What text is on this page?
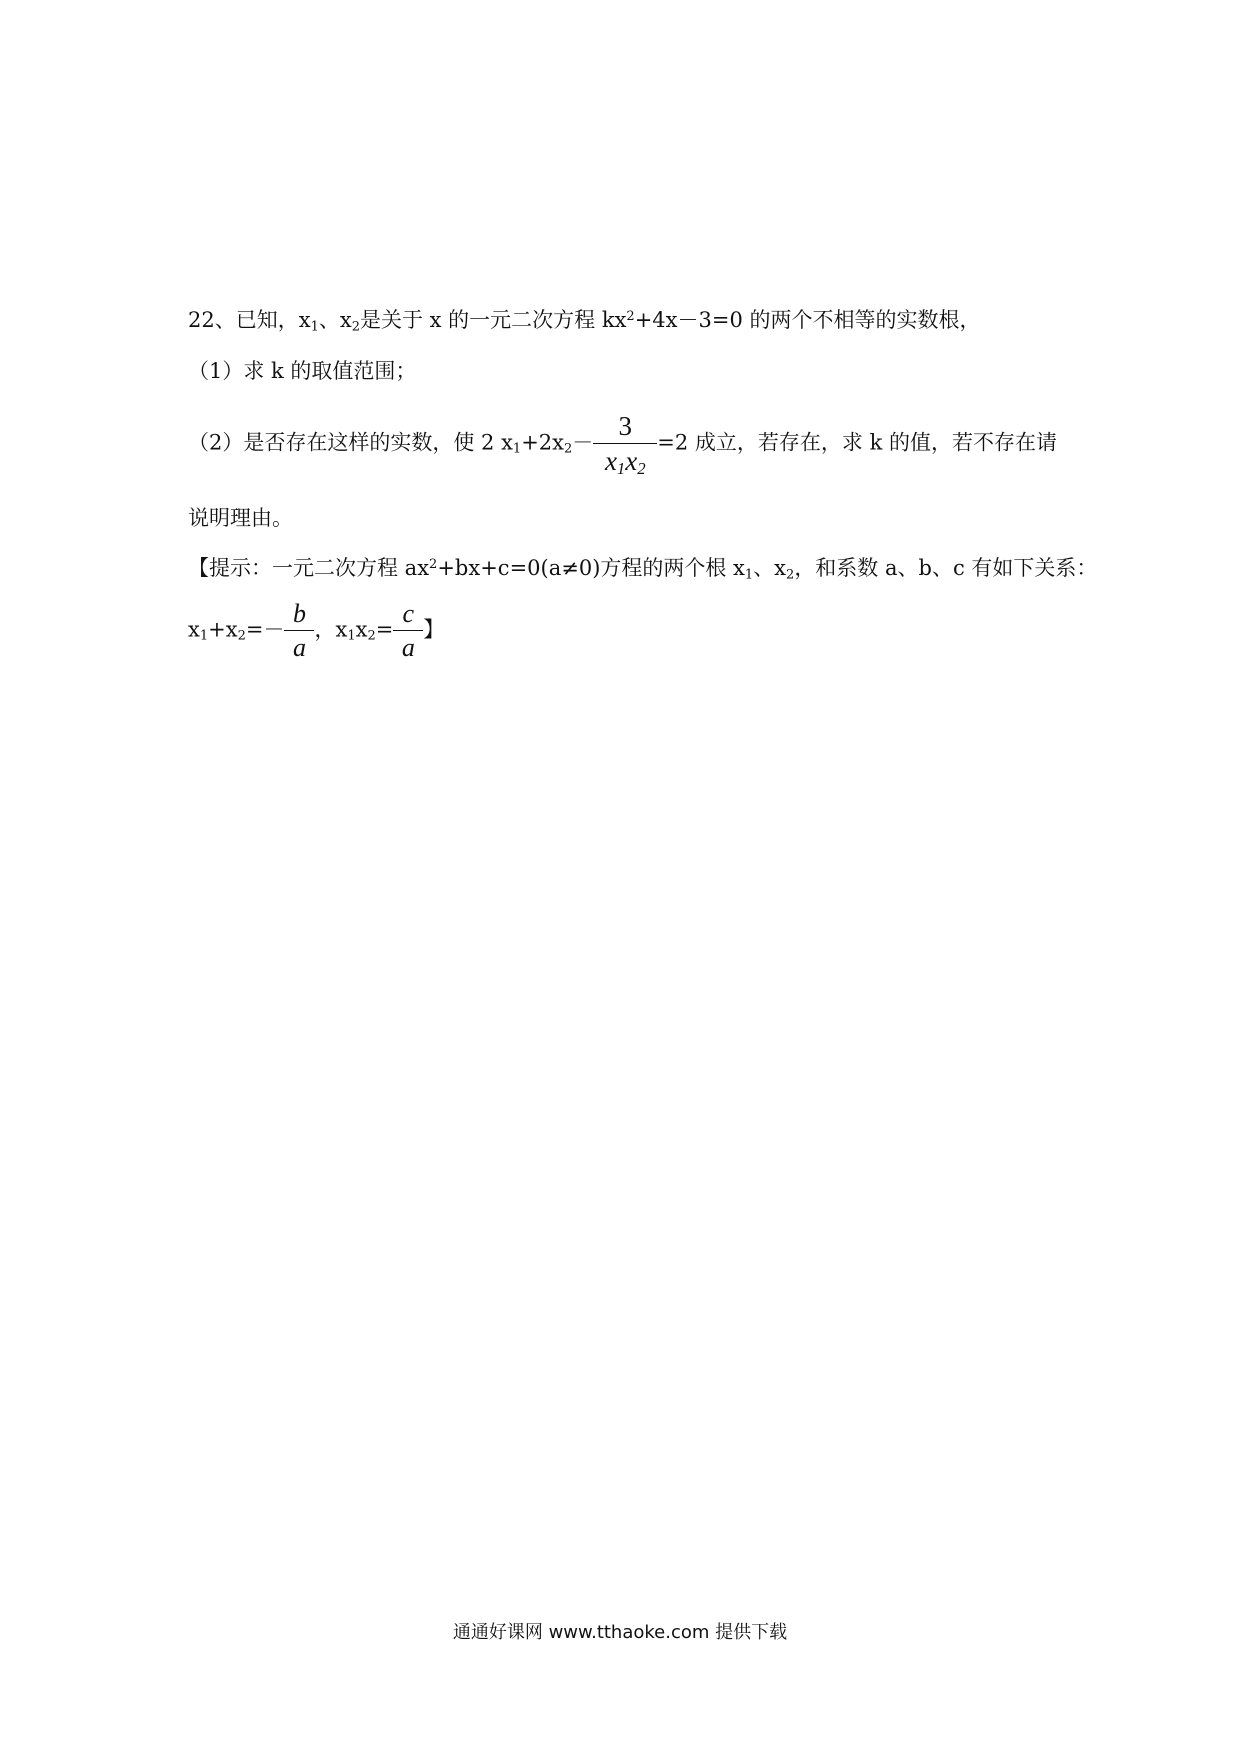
22、已知，$x_1$、$x_2$是关于 x 的一元二次方程 $kx^2+4x-3=0$ 的两个不相等的实数根，
（1）求 k 的取值范围；
（2）是否存在这样的实数，使 2 $x_1+2x_2- \frac{3}{x_1x_2} =2$ 成立，若存在，求 k 的值，若不存在请
说明理由。
【提示：一元二次方程 $ax^2+bx+c=0(a\ne 0)$方程的两个根 $x_1$、$x_2$，和系数 a、b、c 有如下关系：
$x_1+x_2=- \frac{b}{a}$ ，$x_1x_2= \frac{c}{a}$ 】
通通好课网 www.tthaoke.com 提供下载
